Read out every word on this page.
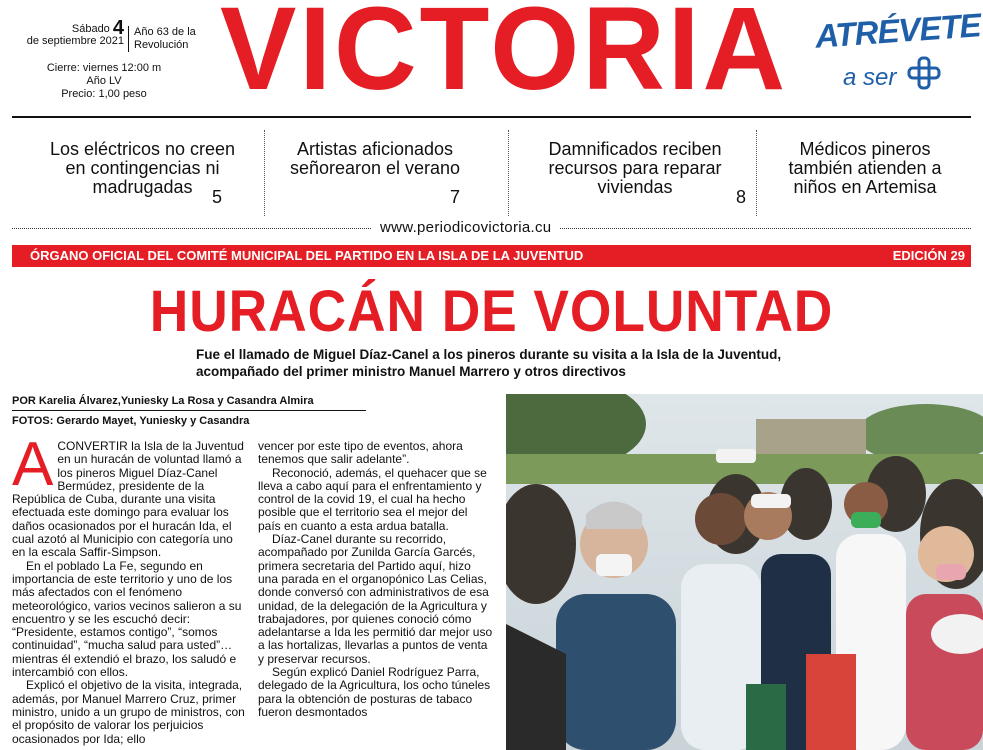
Sábado 4
de septiembre 2021
Año 63 de la Revolución
Cierre: viernes 12:00 m
Año LV
Precio: 1,00 peso VICTORIA ATRÉVETE
a ser
Los eléctricos no creen en contingencias ni madrugadas 5
Artistas aficionados señorearon el verano
7
Damnificados reciben recursos para reparar viviendas	8
Médicos pineros también atienden a niños en Artemisa
www.periodicovictoria.cu
ÓRGANO OFICIAL DEL COMITÉ MUNICIPAL DEL PARTIDO EN LA ISLA DE LA JUVENTUD	EDICIÓN 29
HURACÁN DE VOLUNTAD
Fue el llamado de Miguel Díaz-Canel a los pineros durante su visita a la Isla de la Juventud, acompañado del primer ministro Manuel Marrero y otros directivos
POR Karelia Álvarez,Yuniesky La Rosa y Casandra Almira
FOTOS: Gerardo Mayet, Yuniesky y Casandra

ACONVERTIR la Isla de la Juventud en un huracán de voluntad llamó a los pineros Miguel Díaz-Canel Bermúdez, presidente de la República de Cuba, durante una visita efectuada este domingo para evaluar los daños ocasionados por el huracán Ida, el cual azotó al Municipio con categoría uno en la escala Saffir-Simpson.

En el poblado La Fe, segundo en importancia de este territorio y uno de los más afectados con el fenómeno meteorológico, varios vecinos salieron a su encuentro y se les escuchó decir: “Presidente, estamos contigo”, “somos continuidad”, “mucha salud para usted”… mientras él extendió el brazo, los saludó e intercambió con ellos.

Explicó el objetivo de la visita, integrada, además, por Manuel Marrero Cruz, primer ministro, unido a un grupo de ministros, con el propósito de valorar los perjuicios ocasionados por Ida; ello

vencer por este tipo de eventos, ahora tenemos que salir adelante”.

Reconoció, además, el quehacer que se lleva a cabo aquí para el enfrentamiento y control de la covid 19, el cual ha hecho posible que el territorio sea el mejor del país en cuanto a esta ardua batalla.

Díaz-Canel durante su recorrido, acompañado por Zunilda García Garcés, primera secretaria del Partido aquí, hizo una parada en el organopónico Las Celias, donde conversó con administrativos de esa unidad, de la delegación de la Agricultura y trabajadores, por quienes conoció cómo adelantarse a Ida les permitió dar mejor uso a las hortalizas, llevarlas a puntos de venta y preservar recursos.

Según explicó Daniel Rodríguez Parra, delegado de la Agricultura, los ocho túneles para la obtención de posturas de tabaco fueron desmontados
